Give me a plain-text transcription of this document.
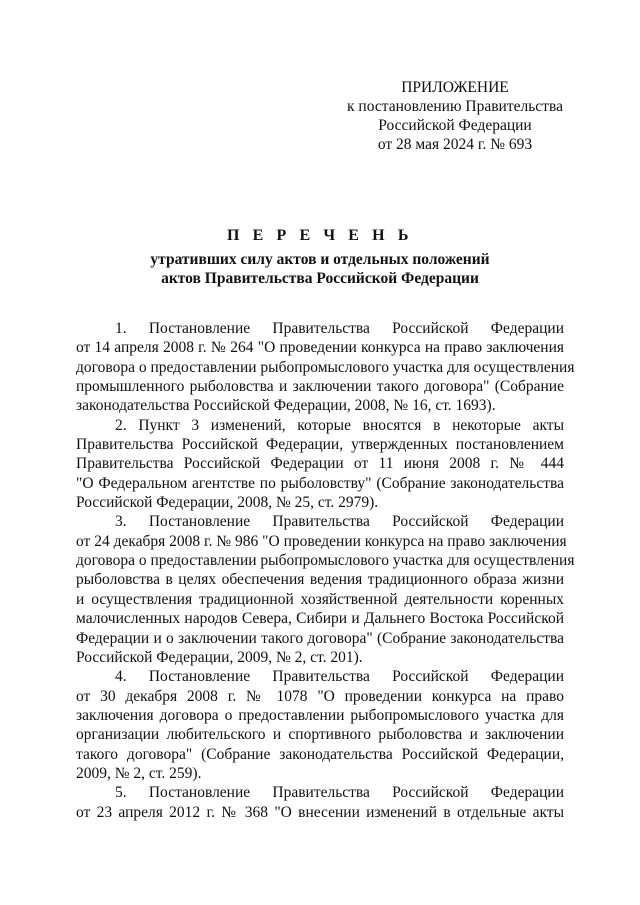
ПРИЛОЖЕНИЕ
к постановлению Правительства
Российской Федерации
от 28 мая 2024 г. № 693
П Е Р Е Ч Е Н Ь
утративших силу актов и отдельных положений
актов Правительства Российской Федерации
1. Постановление Правительства Российской Федерации
от 14 апреля 2008 г. № 264 "О проведении конкурса на право заключения
договора о предоставлении рыбопромыслового участка для осуществления
промышленного рыболовства и заключении такого договора" (Собрание
законодательства Российской Федерации, 2008, № 16, ст. 1693).
2. Пункт 3 изменений, которые вносятся в некоторые акты
Правительства Российской Федерации, утвержденных постановлением
Правительства Российской Федерации от 11 июня 2008 г. № 444
"О Федеральном агентстве по рыболовству" (Собрание законодательства
Российской Федерации, 2008, № 25, ст. 2979).
3. Постановление Правительства Российской Федерации
от 24 декабря 2008 г. № 986 "О проведении конкурса на право заключения
договора о предоставлении рыбопромыслового участка для осуществления
рыболовства в целях обеспечения ведения традиционного образа жизни
и осуществления традиционной хозяйственной деятельности коренных
малочисленных народов Севера, Сибири и Дальнего Востока Российской
Федерации и о заключении такого договора" (Собрание законодательства
Российской Федерации, 2009, № 2, ст. 201).
4. Постановление Правительства Российской Федерации
от 30 декабря 2008 г. № 1078 "О проведении конкурса на право
заключения договора о предоставлении рыбопромыслового участка для
организации любительского и спортивного рыболовства и заключении
такого договора" (Собрание законодательства Российской Федерации,
2009, № 2, ст. 259).
5. Постановление Правительства Российской Федерации
от 23 апреля 2012 г. № 368 "О внесении изменений в отдельные акты
